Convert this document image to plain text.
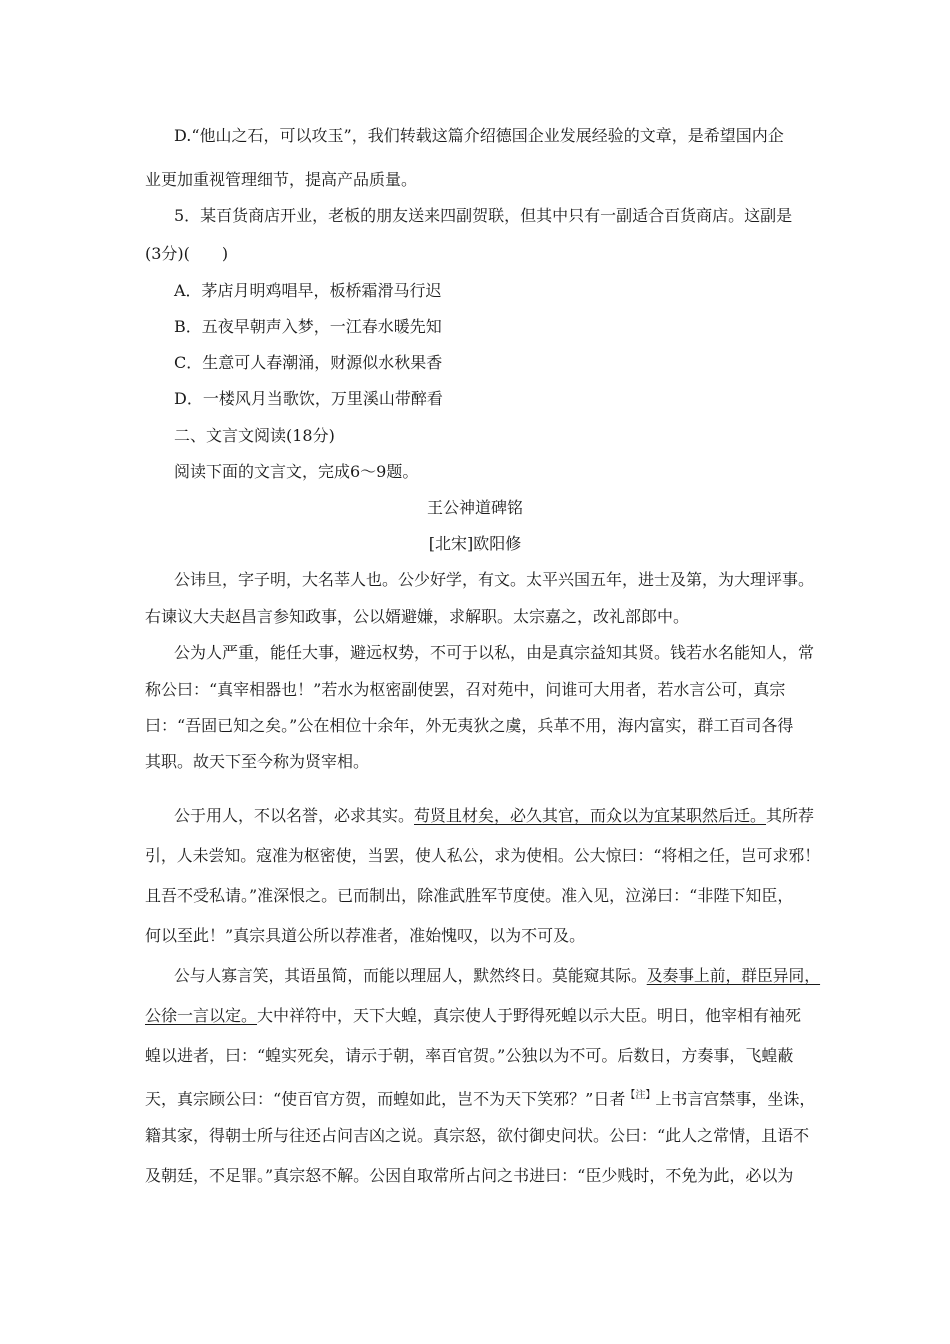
D.“他山之石，可以攻玉”，我们转载这篇介绍德国企业发展经验的文章，是希望国内企
业更加重视管理细节，提高产品质量。
5．某百货商店开业，老板的朋友送来四副贺联，但其中只有一副适合百货商店。这副是
(3分)(　　)
A．茅店月明鸡唱早，板桥霜滑马行迟
B．五夜早朝声入梦，一江春水暖先知
C．生意可人春潮涌，财源似水秋果香
D．一楼风月当歌饮，万里溪山带醉看
二、文言文阅读(18分)
阅读下面的文言文，完成6～9题。
王公神道碑铭
[北宋]欧阳修
公讳旦，字子明，大名莘人也。公少好学，有文。太平兴国五年，进士及第，为大理评事。
右谏议大夫赵昌言参知政事，公以婿避嫌，求解职。太宗嘉之，改礼部郎中。
公为人严重，能任大事，避远权势，不可于以私，由是真宗益知其贤。钱若水名能知人，常
称公曰：“真宰相器也！”若水为枢密副使罢，召对苑中，问谁可大用者，若水言公可，真宗
曰：“吾固已知之矣。”公在相位十余年，外无夷狄之虞，兵革不用，海内富实，群工百司各得
其职。故天下至今称为贤宰相。
公于用人，不以名誉，必求其实。苟贤且材矣，必久其官，而众以为宜某职然后迁。其所荐
引，人未尝知。寇准为枢密使，当罢，使人私公，求为使相。公大惊曰：“将相之任，岂可求邪！
且吾不受私请。”准深恨之。已而制出，除准武胜军节度使。准入见，泣涕曰：“非陛下知臣，
何以至此！”真宗具道公所以荐准者，准始愧叹，以为不可及。
公与人寡言笑，其语虽简，而能以理屈人，默然终日。莫能窥其际。及奏事上前，群臣异同，
公徐一言以定。大中祥符中，天下大蝗，真宗使人于野得死蝗以示大臣。明日，他宰相有袖死
蝗以进者，曰：“蝗实死矣，请示于朝，率百官贺。”公独以为不可。后数日，方奏事，飞蝗蔽
天，真宗顾公曰：“使百官方贺，而蝗如此，岂不为天下笑邪？”日者$^{【注】}$上书言宫禁事，坐诛，
籍其家，得朝士所与往还占问吉凶之说。真宗怒，欲付御史问状。公曰：“此人之常情，且语不
及朝廷，不足罪。”真宗怒不解。公因自取常所占问之书进曰：“臣少贱时，不免为此，必以为
